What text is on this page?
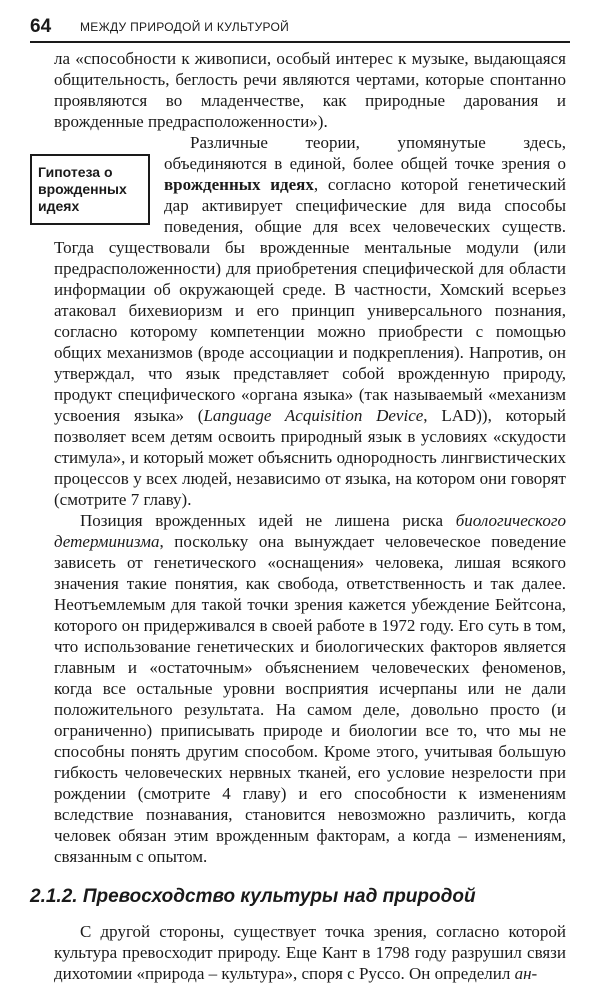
64 МЕЖДУ ПРИРОДОЙ И КУЛЬТУРОЙ

ла «способности к живописи, особый интерес к музыке, выдающаяся общительность, беглость речи являются чертами, которые спонтанно проявляются во младенчестве, как природные дарования и врожденные предрасположенности»).

Гипотеза о врожденных идеях

Различные теории, упомянутые здесь, объединяются в единой, более общей точке зрения о врожденных идеях, согласно которой генетический дар активирует специфические для вида способы поведения, общие для всех человеческих существ. Тогда существовали бы врожденные ментальные модули (или предрасположенности) для приобретения специфической для области информации об окружающей среде. В частности, Хомский всерьез атаковал бихевиоризм и его принцип универсального познания, согласно которому компетенции можно приобрести с помощью общих механизмов (вроде ассоциации и подкрепления). Напротив, он утверждал, что язык представляет собой врожденную природу, продукт специфического «органа языка» (так называемый «механизм усвоения языка» (Language Acquisition Device, LAD)), который позволяет всем детям освоить природный язык в условиях «скудости стимула», и который может объяснить однородность лингвистических процессов у всех людей, независимо от языка, на котором они говорят (смотрите 7 главу).

Позиция врожденных идей не лишена риска биологического детерминизма, поскольку она вынуждает человеческое поведение зависеть от генетического «оснащения» человека, лишая всякого значения такие понятия, как свобода, ответственность и так далее. Неотъемлемым для такой точки зрения кажется убеждение Бейтсона, которого он придерживался в своей работе в 1972 году. Его суть в том, что использование генетических и биологических факторов является главным и «остаточным» объяснением человеческих феноменов, когда все остальные уровни восприятия исчерпаны или не дали положительного результата. На самом деле, довольно просто (и ограниченно) приписывать природе и биологии все то, что мы не способны понять другим способом. Кроме этого, учитывая большую гибкость человеческих нервных тканей, его условие незрелости при рождении (смотрите 4 главу) и его способности к изменениям вследствие познавания, становится невозможно различить, когда человек обязан этим врожденным факторам, а когда – изменениям, связанным с опытом.

2.1.2. Превосходство культуры над природой

С другой стороны, существует точка зрения, согласно которой культура превосходит природу. Еще Кант в 1798 году разрушил связи дихотомии «природа – культура», споря с Руссо. Он определил ан-
